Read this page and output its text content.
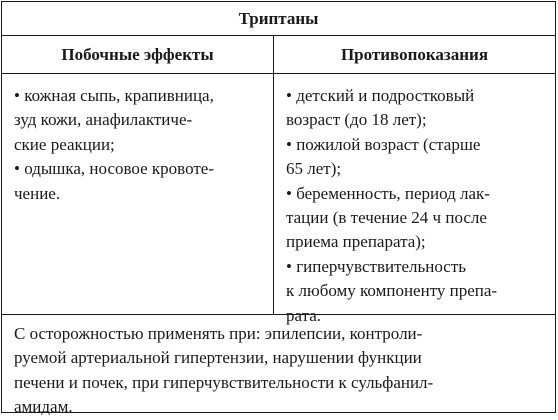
Триптаны
Побочные эффекты	Противопоказания
• кожная сыпь, крапивница,
зуд кожи, анафилактиче-
ские реакции;
• одышка, носовое кровоте-
чение.
• детский и подростковый
возраст (до 18 лет);
• пожилой возраст (старше
65 лет);
• беременность, период лак-
тации (в течение 24 ч после
приема препарата);
• гиперчувствительность
к любому компоненту препа-
рата.
С осторожностью применять при: эпилепсии, контроли-
руемой артериальной гипертензии, нарушении функции
печени и почек, при гиперчувствительности к сульфанил-
амидам.
